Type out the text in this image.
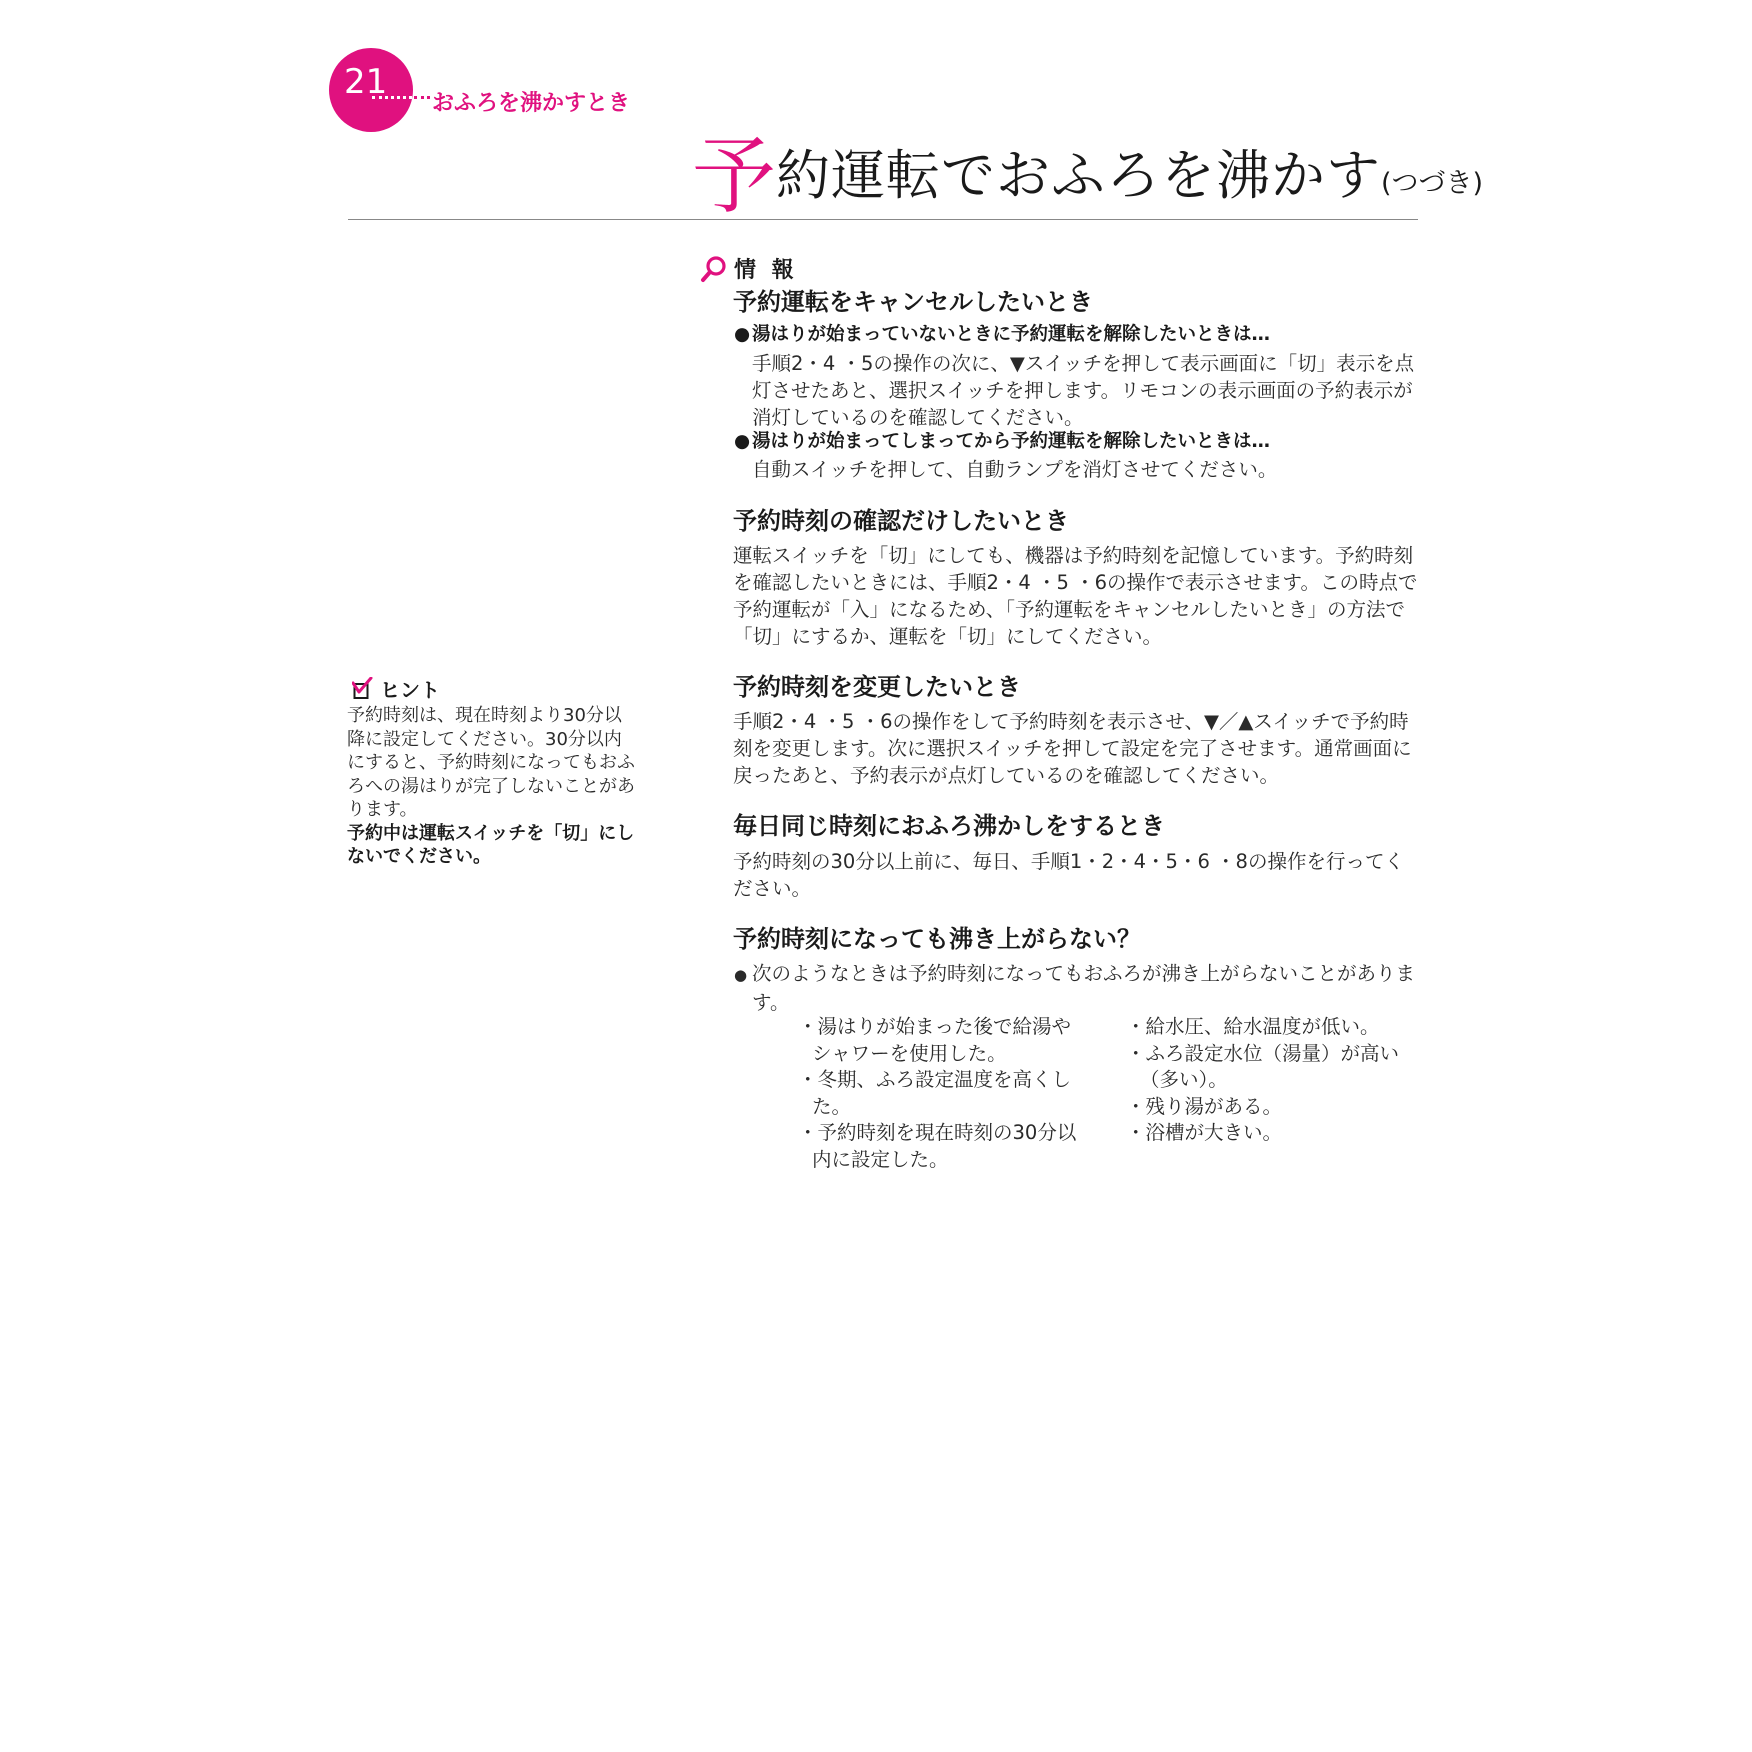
21
おふろを沸かすとき
予約運転でおふろを沸かす(つづき)
情 報
予約運転をキャンセルしたいとき
●湯はりが始まっていないときに予約運転を解除したいときは…
手順2・4 ・5の操作の次に、▼スイッチを押して表示画面に「切」表示を点
灯させたあと、選択スイッチを押します。リモコンの表示画面の予約表示が
消灯しているのを確認してください。
●湯はりが始まってしまってから予約運転を解除したいときは…
自動スイッチを押して、自動ランプを消灯させてください。
予約時刻の確認だけしたいとき
運転スイッチを「切」にしても、機器は予約時刻を記憶しています。予約時刻
を確認したいときには、手順2・4 ・5 ・6の操作で表示させます。この時点で
予約運転が「入」になるため、「予約運転をキャンセルしたいとき」の方法で
「切」にするか、運転を「切」にしてください。
予約時刻を変更したいとき
手順2・4 ・5 ・6の操作をして予約時刻を表示させ、▼／▲スイッチで予約時
刻を変更します。次に選択スイッチを押して設定を完了させます。通常画面に
戻ったあと、予約表示が点灯しているのを確認してください。
毎日同じ時刻におふろ沸かしをするとき
予約時刻の30分以上前に、毎日、手順1・2・4・5・6 ・8の操作を行ってく
ださい。
予約時刻になっても沸き上がらない？
● 次のようなときは予約時刻になってもおふろが沸き上がらないことがありま
す。
・湯はりが始まった後で給湯やシャワーを使用した。
・冬期、ふろ設定温度を高くした。
・予約時刻を現在時刻の30分以内に設定した。
・給水圧、給水温度が低い。
・ふろ設定水位（湯量）が高い（多い）。
・残り湯がある。
・浴槽が大きい。
ヒント

予約時刻は、現在時刻より30分以降に設定してください。30分以内にすると、予約時刻になってもおふろへの湯はりが完了しないことがあります。

予約中は運転スイッチを「切」にしないでください。
